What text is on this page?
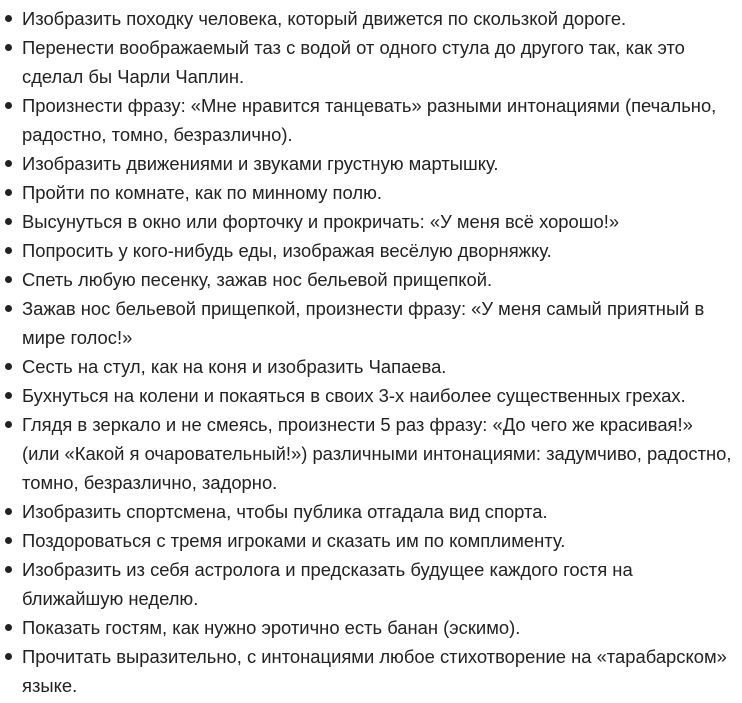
Изобразить походку человека, который движется по скользкой дороге.
Перенести воображаемый таз с водой от одного стула до другого так, как это сделал бы Чарли Чаплин.
Произнести фразу: «Мне нравится танцевать» разными интонациями (печально, радостно, томно, безразлично).
Изобразить движениями и звуками грустную мартышку.
Пройти по комнате, как по минному полю.
Высунуться в окно или форточку и прокричать: «У меня всё хорошо!»
Попросить у кого-нибудь еды, изображая весёлую дворняжку.
Спеть любую песенку, зажав нос бельевой прищепкой.
Зажав нос бельевой прищепкой, произнести фразу: «У меня самый приятный в мире голос!»
Сесть на стул, как на коня и изобразить Чапаева.
Бухнуться на колени и покаяться в своих 3-х наиболее существенных грехах.
Глядя в зеркало и не смеясь, произнести 5 раз фразу: «До чего же красивая!» (или «Какой я очаровательный!») различными интонациями: задумчиво, радостно, томно, безразлично, задорно.
Изобразить спортсмена, чтобы публика отгадала вид спорта.
Поздороваться с тремя игроками и сказать им по комплименту.
Изобразить из себя астролога и предсказать будущее каждого гостя на ближайшую неделю.
Показать гостям, как нужно эротично есть банан (эскимо).
Прочитать выразительно, с интонациями любое стихотворение на «тарабарском» языке.
